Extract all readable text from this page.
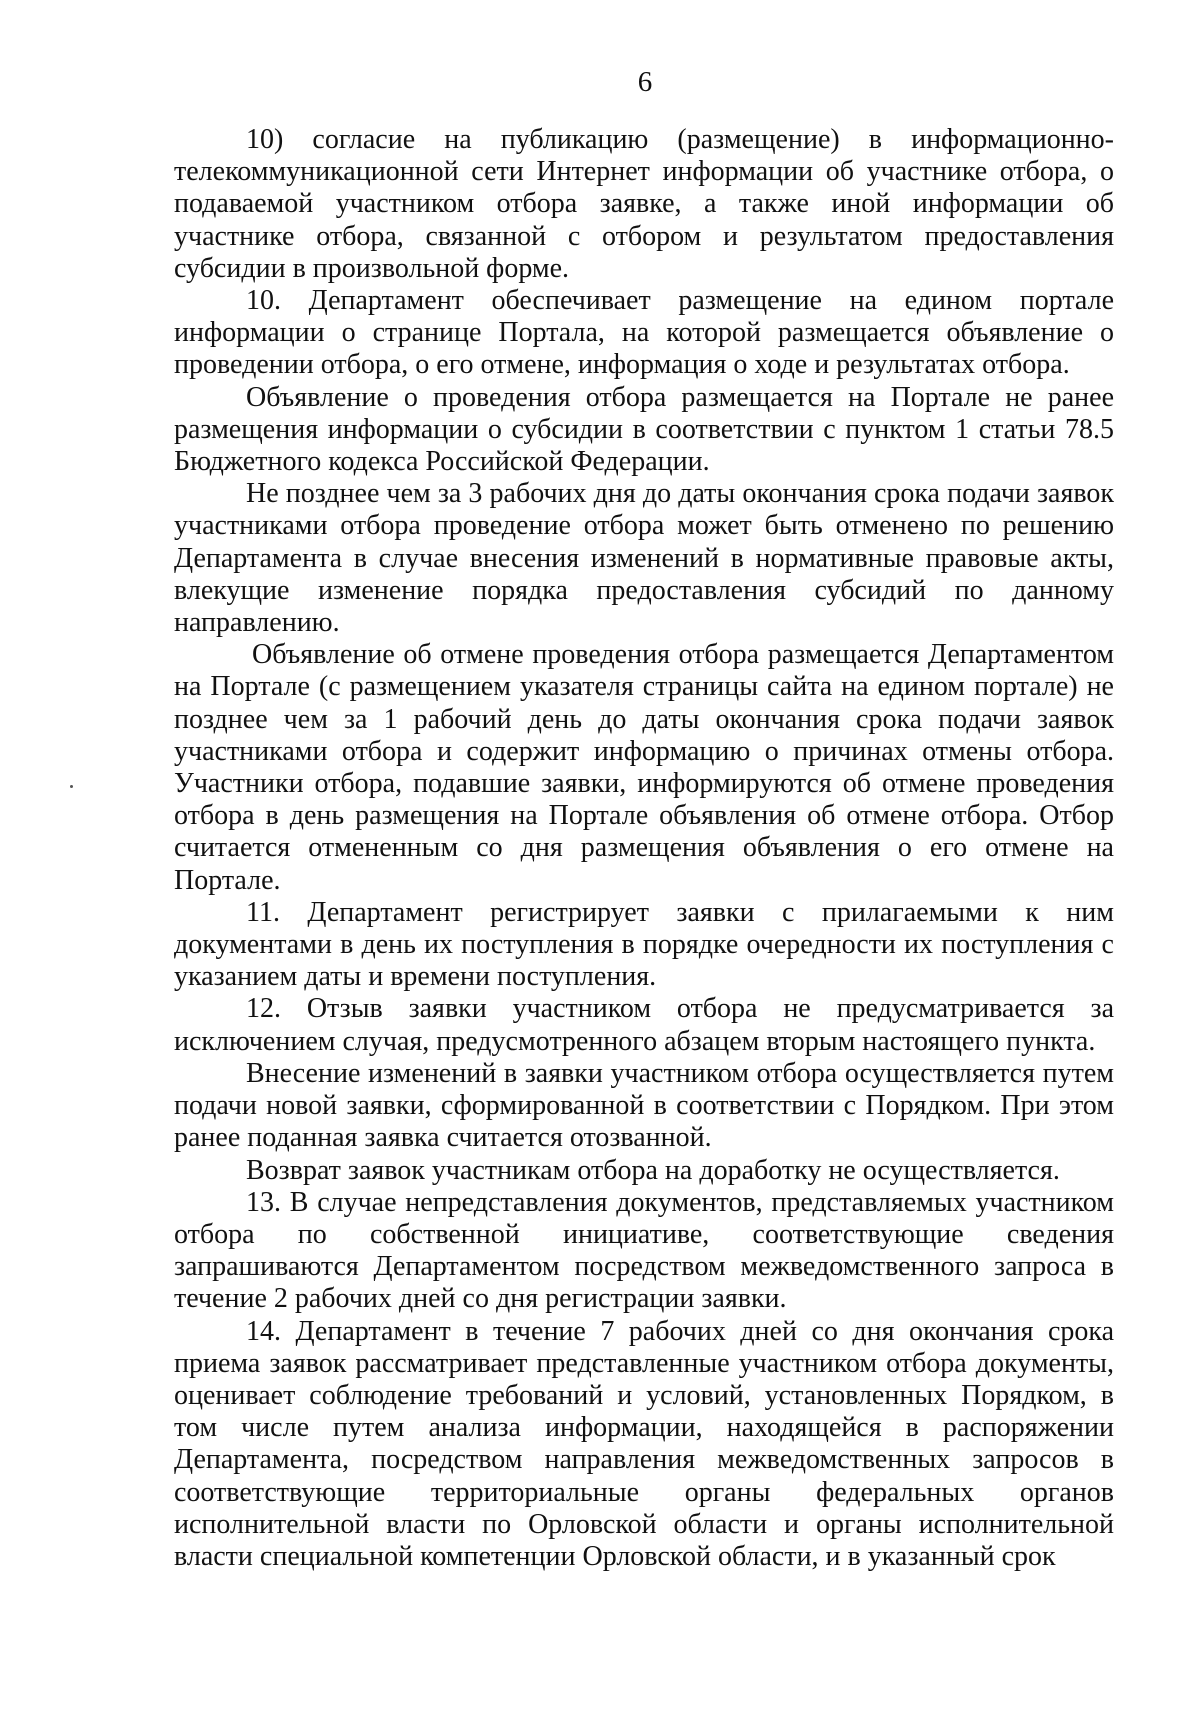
6

10) согласие на публикацию (размещение) в информационно-телекоммуникационной сети Интернет информации об участнике отбора, о подаваемой участником отбора заявке, а также иной информации об участнике отбора, связанной с отбором и результатом предоставления субсидии в произвольной форме.

10. Департамент обеспечивает размещение на едином портале информации о странице Портала, на которой размещается объявление о проведении отбора, о его отмене, информация о ходе и результатах отбора.

Объявление о проведения отбора размещается на Портале не ранее размещения информации о субсидии в соответствии с пунктом 1 статьи 78.5 Бюджетного кодекса Российской Федерации.

Не позднее чем за 3 рабочих дня до даты окончания срока подачи заявок участниками отбора проведение отбора может быть отменено по решению Департамента в случае внесения изменений в нормативные правовые акты, влекущие изменение порядка предоставления субсидий по данному направлению.

Объявление об отмене проведения отбора размещается Департаментом на Портале (с размещением указателя страницы сайта на едином портале) не позднее чем за 1 рабочий день до даты окончания срока подачи заявок участниками отбора и содержит информацию о причинах отмены отбора. Участники отбора, подавшие заявки, информируются об отмене проведения отбора в день размещения на Портале объявления об отмене отбора. Отбор считается отмененным со дня размещения объявления о его отмене на Портале.

11. Департамент регистрирует заявки с прилагаемыми к ним документами в день их поступления в порядке очередности их поступления с указанием даты и времени поступления.

12. Отзыв заявки участником отбора не предусматривается за исключением случая, предусмотренного абзацем вторым настоящего пункта.

Внесение изменений в заявки участником отбора осуществляется путем подачи новой заявки, сформированной в соответствии с Порядком. При этом ранее поданная заявка считается отозванной.

Возврат заявок участникам отбора на доработку не осуществляется.

13. В случае непредставления документов, представляемых участником отбора по собственной инициативе, соответствующие сведения запрашиваются Департаментом посредством межведомственного запроса в течение 2 рабочих дней со дня регистрации заявки.

14. Департамент в течение 7 рабочих дней со дня окончания срока приема заявок рассматривает представленные участником отбора документы, оценивает соблюдение требований и условий, установленных Порядком, в том числе путем анализа информации, находящейся в распоряжении Департамента, посредством направления межведомственных запросов в соответствующие территориальные органы федеральных органов исполнительной власти по Орловской области и органы исполнительной власти специальной компетенции Орловской области, и в указанный срок
